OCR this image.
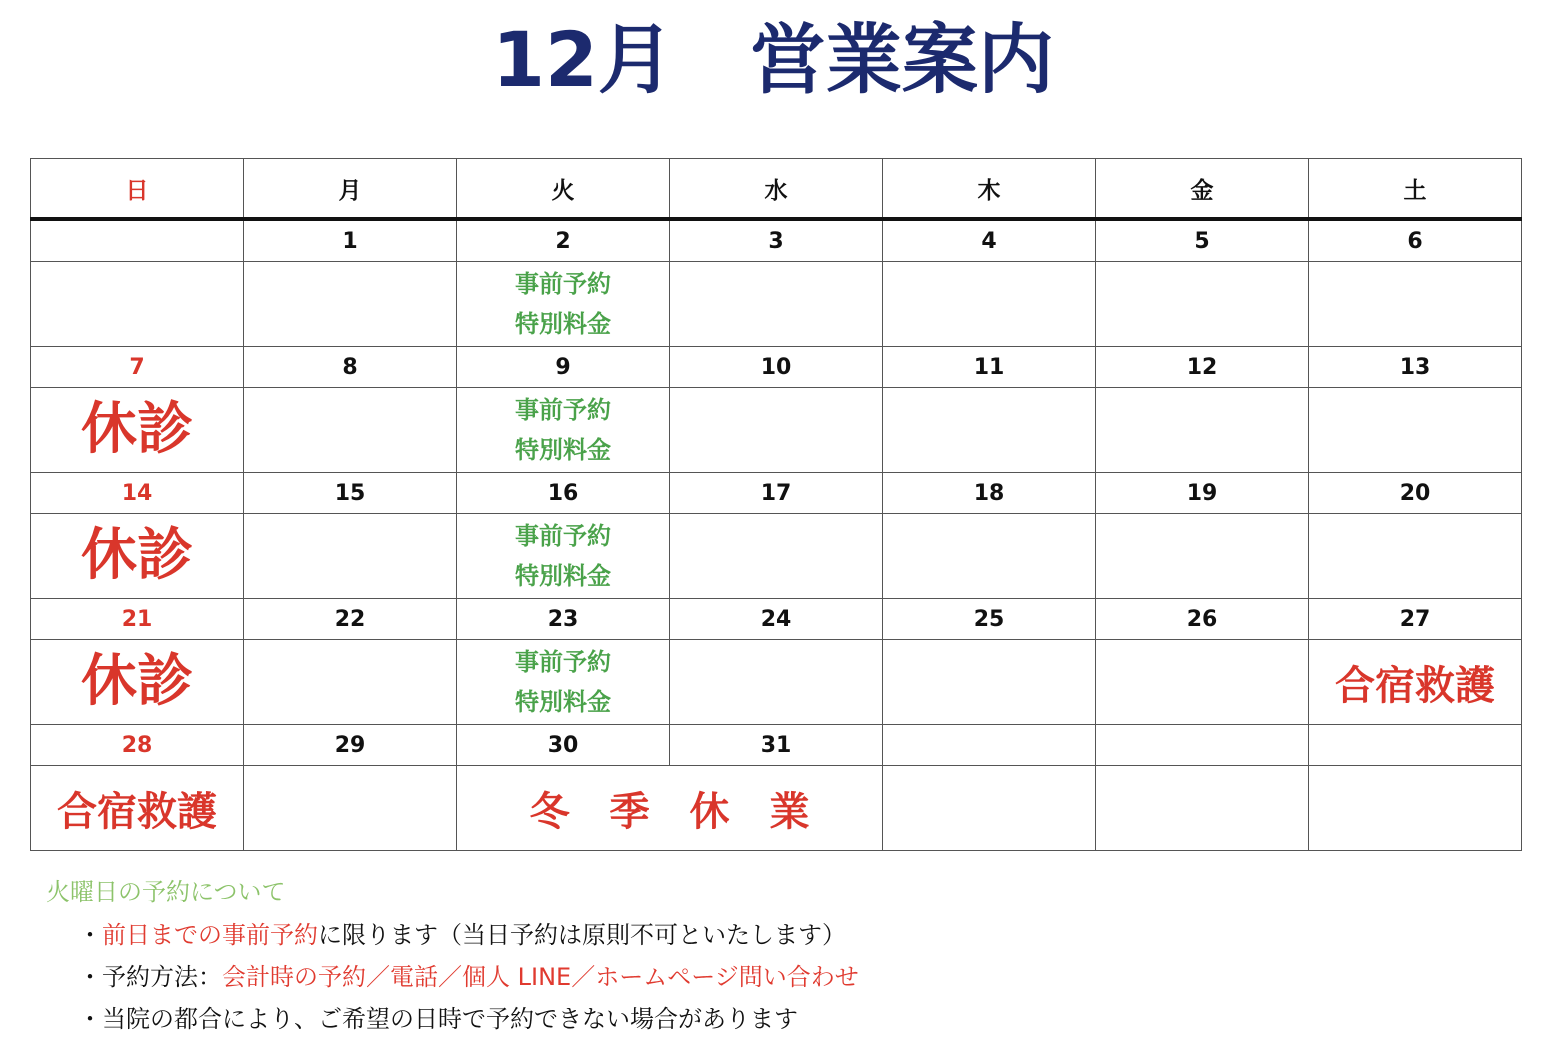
12月　営業案内
日	月	火	水	木	金	土
	1	2	3	4	5	6

		事前予約
特別料金				

7	8	9	10	11	12	13
休診		事前予約
特別料金				

14	15	16	17	18	19	20
休診		事前予約
特別料金				

21	22	23	24	25	26	27
休診		事前予約
特別料金				合宿救護
28	29	30	31			
合宿救護		冬　季　休　業				
火曜日の予約について
・前日までの事前予約に限ります（当日予約は原則不可といたします）
・予約方法：会計時の予約／電話／個人 LINE／ホームページ問い合わせ
・当院の都合により、ご希望の日時で予約できない場合があります
